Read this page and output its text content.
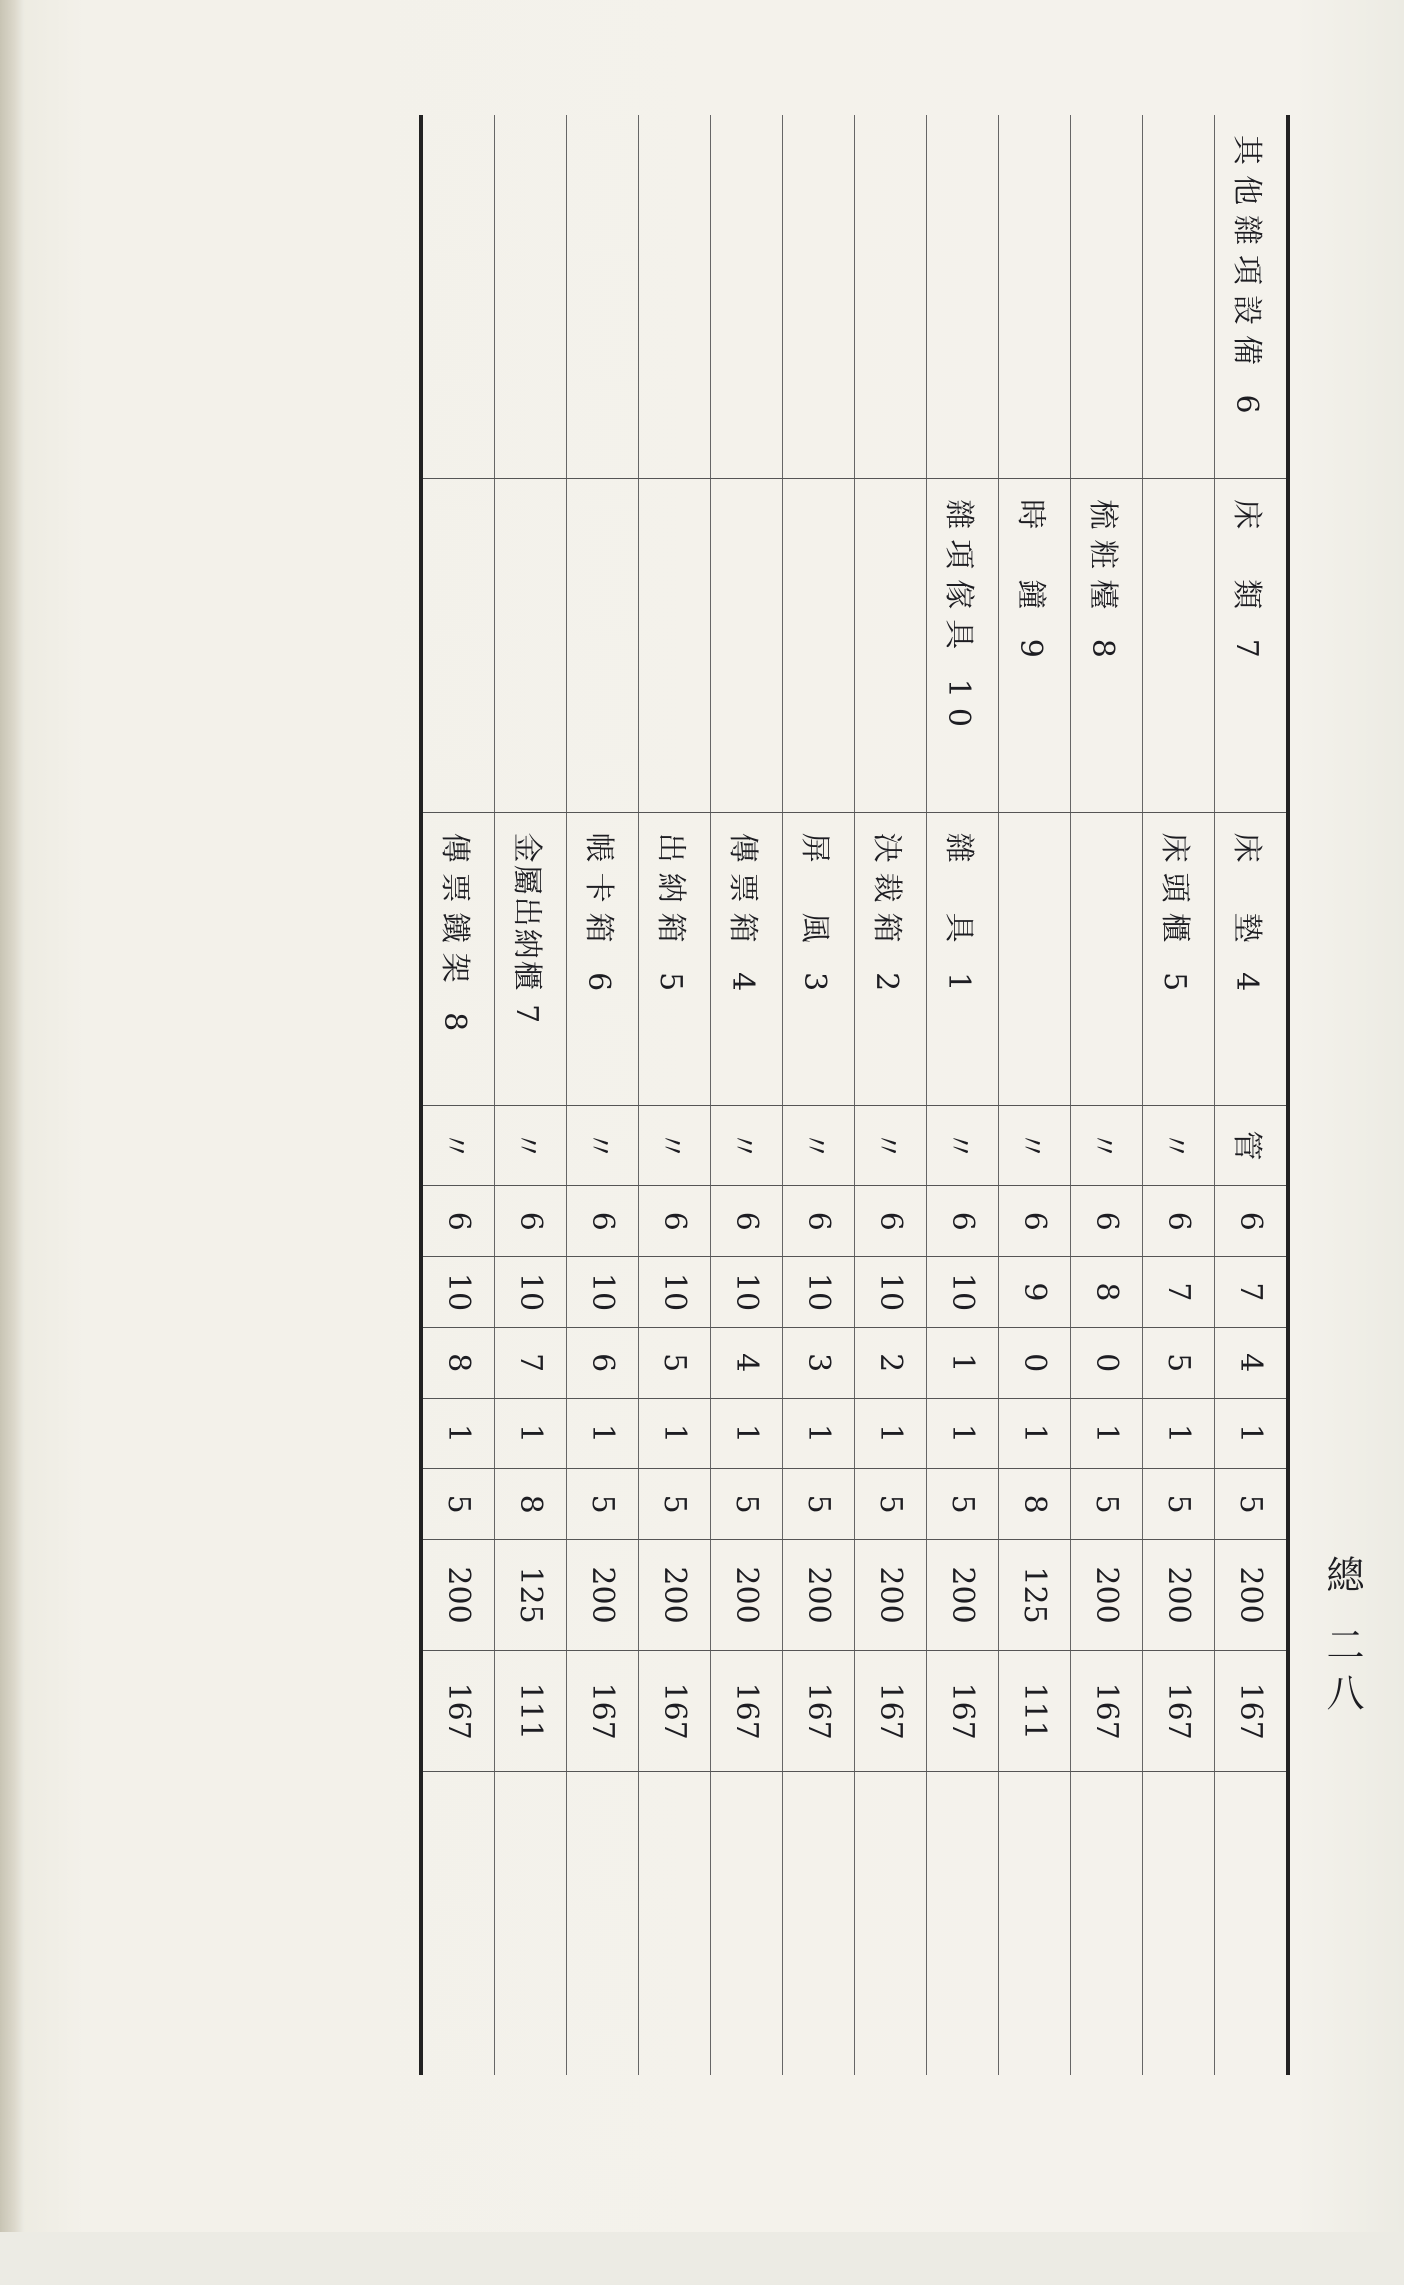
總 二八
其他雜項設備 6	床　類 7	床　墊 4	管	6	7	4	1	5	200	167	
		床頭櫃 5	〃	6	7	5	1	5	200	167	
	梳粧檯 8		〃	6	8	0	1	5	200	167	
	時　鐘 9		〃	6	9	0	1	8	125	111	
	雜項傢具 10	雜　具 1	〃	6	10	1	1	5	200	167	
		決裁箱 2	〃	6	10	2	1	5	200	167	
		屏　風 3	〃	6	10	3	1	5	200	167	
		傳票箱 4	〃	6	10	4	1	5	200	167	
		出納箱 5	〃	6	10	5	1	5	200	167	
		帳卡箱 6	〃	6	10	6	1	5	200	167	
		金屬出納櫃 7	〃	6	10	7	1	8	125	111	
		傳票鐵架 8	〃	6	10	8	1	5	200	167	
